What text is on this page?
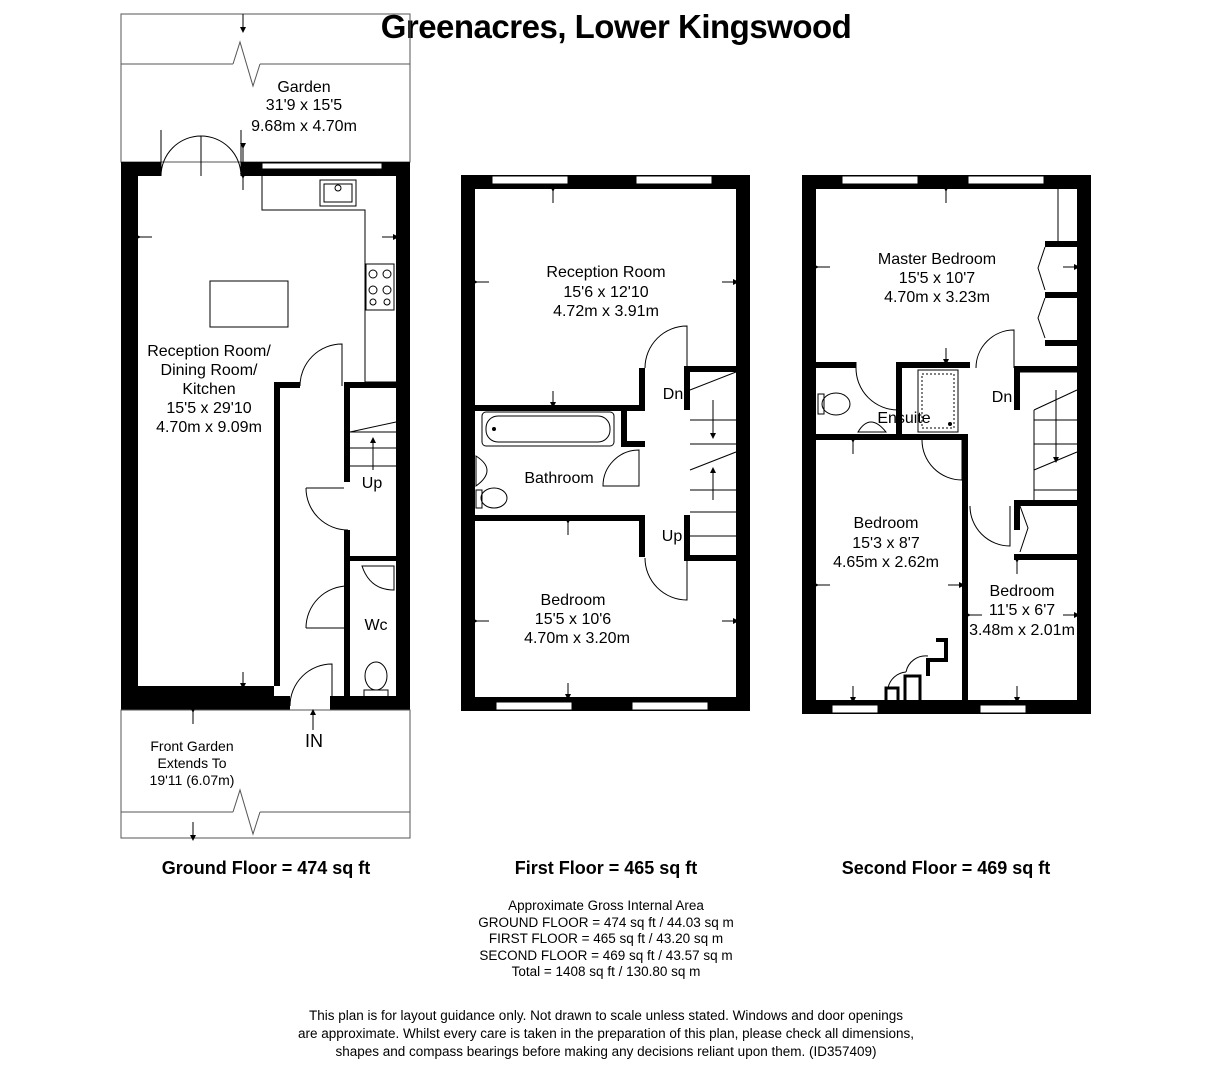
Greenacres, Lower Kingswood
Garden
31'9 x 15'5
9.68m x 4.70m
Reception Room/
Dining Room/
Kitchen
15'5 x 29'10
4.70m x 9.09m
Up
Wc
IN
Front Garden
Extends To
19'11 (6.07m)
Reception Room
15'6 x 12'10
4.72m x 3.91m
Bathroom
Dn
Up
Bedroom
15'5 x 10'6
4.70m x 3.20m
Master Bedroom
15'5 x 10'7
4.70m x 3.23m
Ensuite
Dn
Bedroom
15'3 x 8'7
4.65m x 2.62m
Bedroom
11'5 x 6'7
3.48m x 2.01m
Ground Floor = 474 sq ft	First Floor = 465 sq ft	Second Floor = 469 sq ft
Approximate Gross Internal Area
GROUND FLOOR = 474 sq ft / 44.03 sq m
FIRST FLOOR = 465 sq ft / 43.20 sq m
SECOND FLOOR = 469 sq ft / 43.57 sq m
Total = 1408 sq ft / 130.80 sq m
This plan is for layout guidance only. Not drawn to scale unless stated. Windows and door openings
are approximate. Whilst every care is taken in the preparation of this plan, please check all dimensions,
shapes and compass bearings before making any decisions reliant upon them. (ID357409)
